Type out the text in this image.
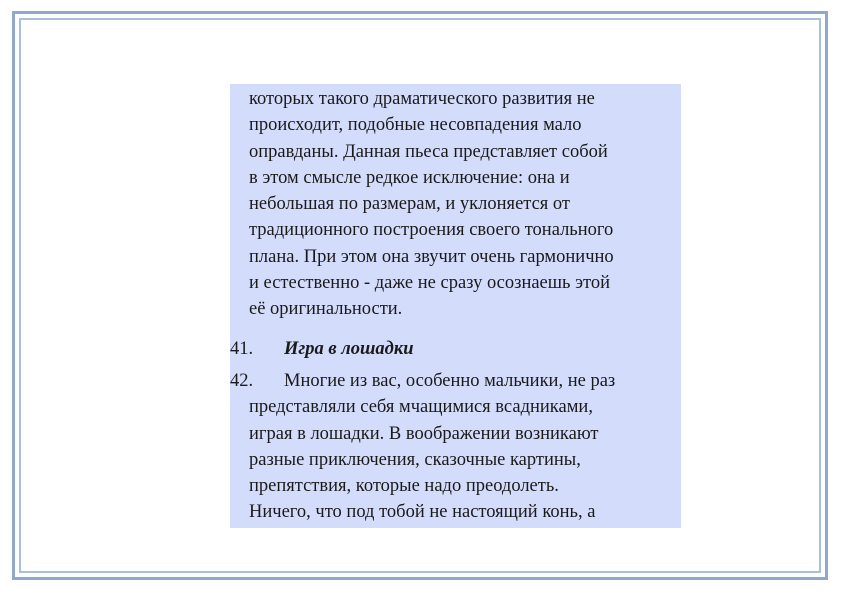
которых такого драматического развития не
происходит, подобные несовпадения мало
оправданы. Данная пьеса представляет собой
в этом смысле редкое исключение: она и
небольшая по размерам, и уклоняется от
традиционного построения своего тонального
плана. При этом она звучит очень гармонично
и естественно - даже не сразу осознаешь этой
её оригинальности.
41.	Игра в лошадки
42.	Многие из вас, особенно мальчики, не раз
представляли себя мчащимися всадниками,
играя в лошадки. В воображении возникают
разные приключения, сказочные картины,
препятствия, которые надо преодолеть.
Ничего, что под тобой не настоящий конь, а
